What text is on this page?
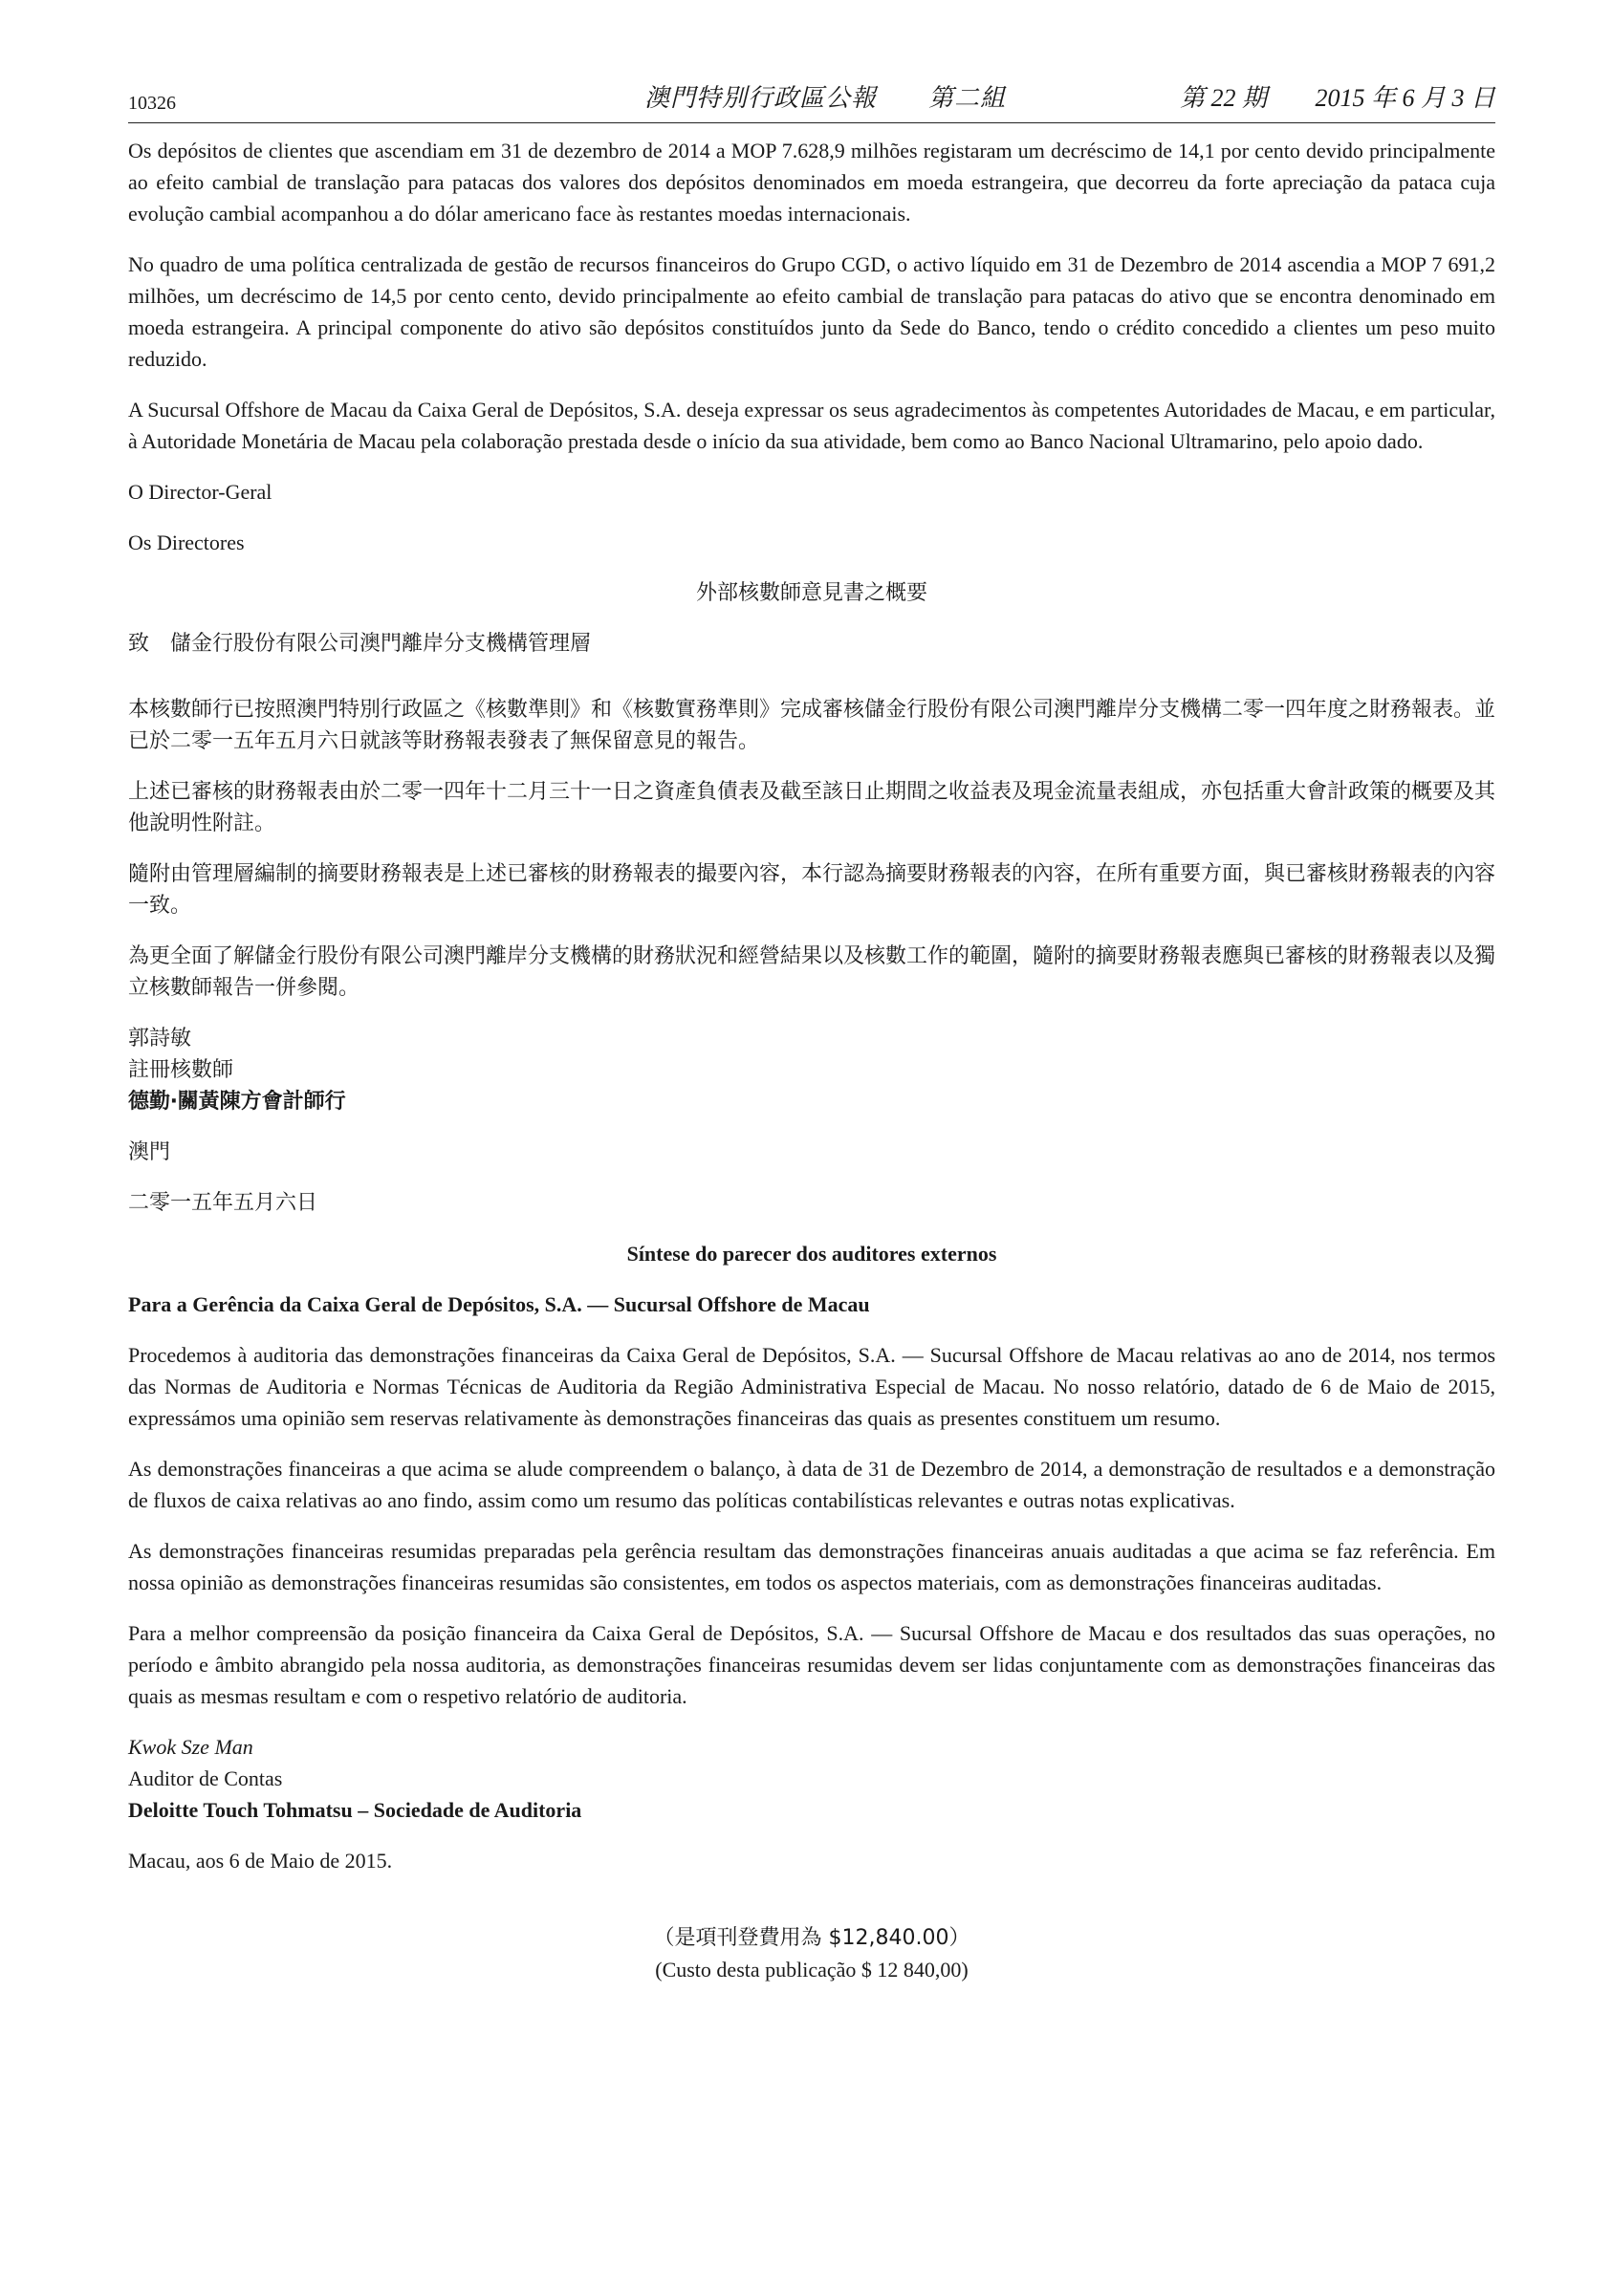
10326	澳門特別行政區公報　　第二組	第 22 期 2015 年 6 月 3 日

Os depósitos de clientes que ascendiam em 31 de dezembro de 2014 a MOP 7.628,9 milhões registaram um decréscimo de 14,1 por cento devido principalmente ao efeito cambial de translação para patacas dos valores dos depósitos denominados em moeda estrangeira, que decorreu da forte apreciação da pataca cuja evolução cambial acompanhou a do dólar americano face às restantes moedas internacionais.

No quadro de uma política centralizada de gestão de recursos financeiros do Grupo CGD, o activo líquido em 31 de Dezembro de 2014 ascendia a MOP 7 691,2 milhões, um decréscimo de 14,5 por cento cento, devido principalmente ao efeito cambial de translação para patacas do ativo que se encontra denominado em moeda estrangeira. A principal componente do ativo são depósitos constituídos junto da Sede do Banco, tendo o crédito concedido a clientes um peso muito reduzido.

A Sucursal Offshore de Macau da Caixa Geral de Depósitos, S.A. deseja expressar os seus agradecimentos às competentes Autoridades de Macau, e em particular, à Autoridade Monetária de Macau pela colaboração prestada desde o início da sua atividade, bem como ao Banco Nacional Ultramarino, pelo apoio dado.

O Director-Geral

Os Directores

外部核數師意見書之概要

致　儲金行股份有限公司澳門離岸分支機構管理層

本核數師行已按照澳門特別行政區之《核數準則》和《核數實務準則》完成審核儲金行股份有限公司澳門離岸分支機構二零一四年度之財務報表。並已於二零一五年五月六日就該等財務報表發表了無保留意見的報告。

上述已審核的財務報表由於二零一四年十二月三十一日之資產負債表及截至該日止期間之收益表及現金流量表組成，亦包括重大會計政策的概要及其他說明性附註。

隨附由管理層編制的摘要財務報表是上述已審核的財務報表的撮要內容，本行認為摘要財務報表的內容，在所有重要方面，與已審核財務報表的內容一致。

為更全面了解儲金行股份有限公司澳門離岸分支機構的財務狀況和經營結果以及核數工作的範圍，隨附的摘要財務報表應與已審核的財務報表以及獨立核數師報告一併參閱。

郭詩敏
註冊核數師
德勤‧關黃陳方會計師行

澳門

二零一五年五月六日

Síntese do parecer dos auditores externos

Para a Gerência da Caixa Geral de Depósitos, S.A. — Sucursal Offshore de Macau

Procedemos à auditoria das demonstrações financeiras da Caixa Geral de Depósitos, S.A. — Sucursal Offshore de Macau relativas ao ano de 2014, nos termos das Normas de Auditoria e Normas Técnicas de Auditoria da Região Administrativa Especial de Macau. No nosso relatório, datado de 6 de Maio de 2015, expressámos uma opinião sem reservas relativamente às demonstrações financeiras das quais as presentes constituem um resumo.

As demonstrações financeiras a que acima se alude compreendem o balanço, à data de 31 de Dezembro de 2014, a demonstração de resultados e a demonstração de fluxos de caixa relativas ao ano findo, assim como um resumo das políticas contabilísticas relevantes e outras notas explicativas.

As demonstrações financeiras resumidas preparadas pela gerência resultam das demonstrações financeiras anuais auditadas a que acima se faz referência. Em nossa opinião as demonstrações financeiras resumidas são consistentes, em todos os aspectos materiais, com as demonstrações financeiras auditadas.

Para a melhor compreensão da posição financeira da Caixa Geral de Depósitos, S.A. — Sucursal Offshore de Macau e dos resultados das suas operações, no período e âmbito abrangido pela nossa auditoria, as demonstrações financeiras resumidas devem ser lidas conjuntamente com as demonstrações financeiras das quais as mesmas resultam e com o respetivo relatório de auditoria.

Kwok Sze Man
Auditor de Contas
Deloitte Touch Tohmatsu – Sociedade de Auditoria

Macau, aos 6 de Maio de 2015.

（是項刊登費用為 $12,840.00）
(Custo desta publicação $ 12 840,00)
